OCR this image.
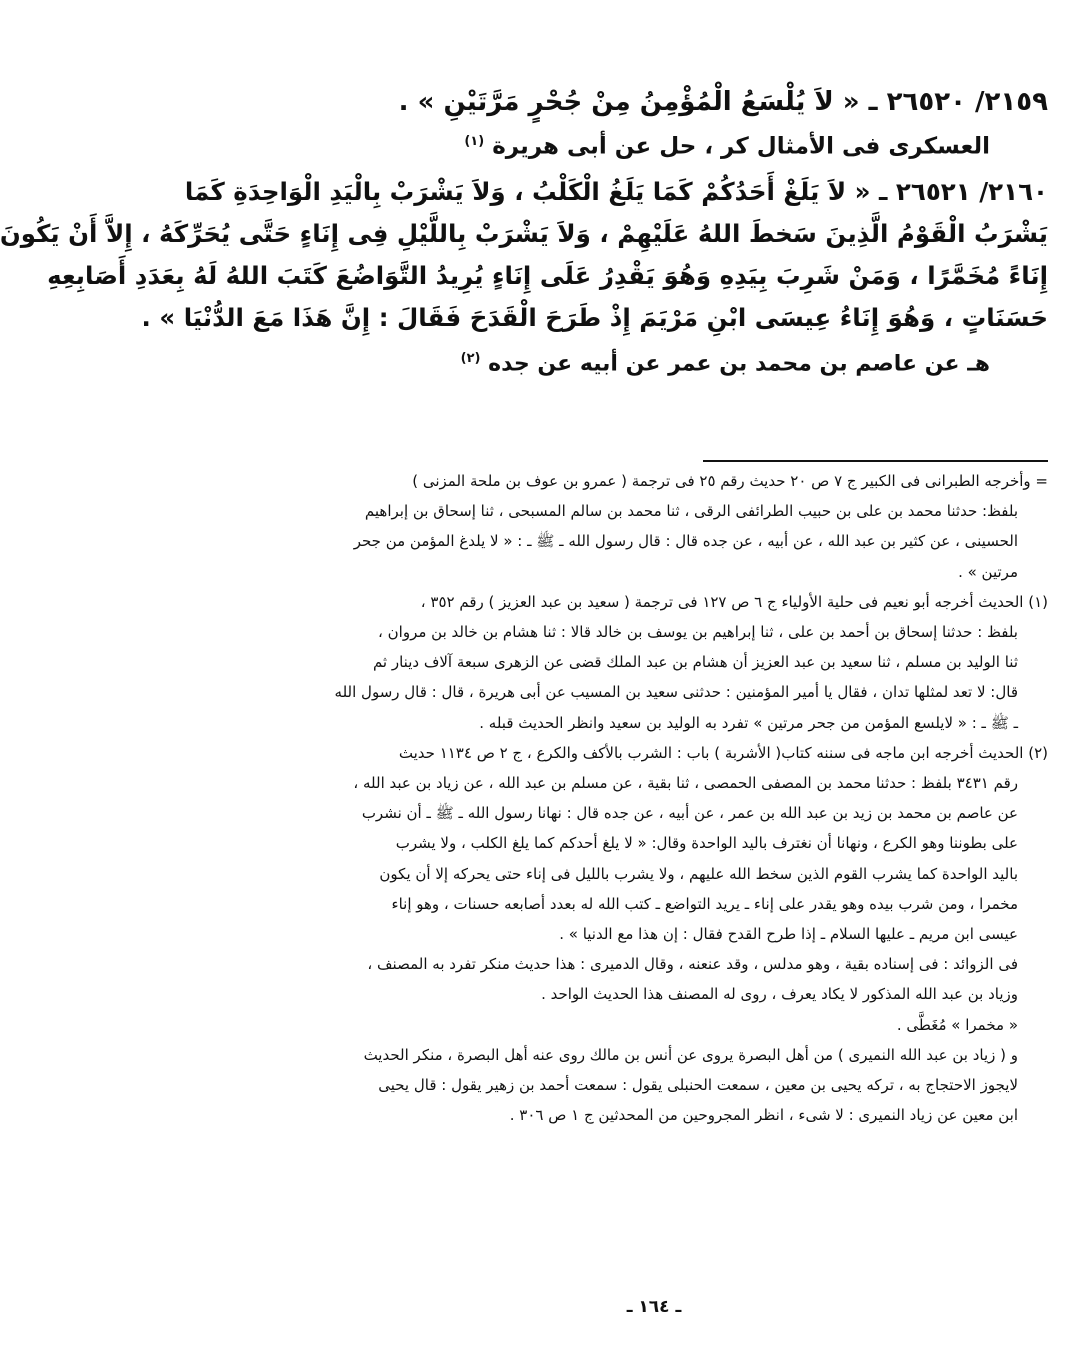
٢١٥٩/ ٢٦٥٢٠ ـ « لاَ يُلْسَعُ الْمُؤْمِنُ مِنْ جُحْرٍ مَرَّتَيْنِ » .

العسكرى فى الأمثال كر ، حل عن أبى هريرة $^{(١)}$

٢١٦٠/ ٢٦٥٢١ ـ « لاَ يَلَغْ أَحَدُكُمْ كَمَا يَلَغُ الْكَلْبُ ، وَلاَ يَشْرَبْ بِالْيَدِ الْوَاحِدَةِ كَمَا

يَشْرَبُ الْقَوْمُ الَّذِينَ سَخطَ اللهُ عَلَيْهِمْ ، وَلاَ يَشْرَبْ بِاللَّيْلِ فِى إِنَاءٍ حَتَّى يُحَرِّكَهُ ، إِلاَّ أَنْ يَكُونَ

إِنَاءً مُخَمَّرًا ، وَمَنْ شَرِبَ بِيَدِهِ وَهُوَ يَقْدِرُ عَلَى إِنَاءٍ يُرِيدُ التَّوَاضُعَ كَتَبَ اللهُ لَهُ بِعَدَدِ أَصَابِعِهِ

حَسَنَاتٍ ، وَهُوَ إِنَاءُ عِيسَى ابْنِ مَرْيَمَ إِذْ طَرَحَ الْقَدَحَ فَقَالَ : إِنَّ هَذَا مَعَ الدُّنْيَا » .

هـ عن عاصم بن محمد بن عمر عن أبيه عن جده $^{(٢)}$

= وأخرجه الطبرانى فى الكبير ج ٧ ص ٢٠ حديث رقم ٢٥ فى ترجمة ( عمرو بن عوف بن ملحة المزنى )

بلفظ: حدثنا محمد بن على بن حبيب الطرائفى الرقى ، ثنا محمد بن سالم المسبحى ، ثنا إسحاق بن إبراهيم

الحسينى ، عن كثير بن عبد الله ، عن أبيه ، عن جده قال : قال رسول الله ـ ﷺ ـ : « لا يلدغ المؤمن من جحر

مرتين » .

(١) الحديث أخرجه أبو نعيم فى حلية الأولياء ج ٦ ص ١٢٧ فى ترجمة ( سعيد بن عبد العزيز ) رقم ٣٥٢ ،

بلفظ : حدثنا إسحاق بن أحمد بن على ، ثنا إبراهيم بن يوسف بن خالد قالا : ثنا هشام بن خالد بن مروان ،

ثنا الوليد بن مسلم ، ثنا سعيد بن عبد العزيز أن هشام بن عبد الملك قضى عن الزهرى سبعة آلاف دينار ثم

قال: لا تعد لمثلها تدان ، فقال يا أمير المؤمنين : حدثنى سعيد بن المسيب عن أبى هريرة ، قال : قال رسول الله

ـ ﷺ ـ : « لايلسع المؤمن من جحر مرتين » تفرد به الوليد بن سعيد وانظر الحديث قبله .

(٢) الحديث أخرجه ابن ماجه فى سننه كتاب( الأشربة ) باب : الشرب بالأكف والكرع ، ج ٢ ص ١١٣٤ حديث

رقم ٣٤٣١ بلفظ : حدثنا محمد بن المصفى الحمصى ، ثنا بقية ، عن مسلم بن عبد الله ، عن زياد بن عبد الله ،

عن عاصم بن محمد بن زيد بن عبد الله بن عمر ، عن أبيه ، عن جده قال : نهانا رسول الله ـ ﷺ ـ أن نشرب

على بطوننا وهو الكرع ، ونهانا أن نغترف باليد الواحدة وقال: « لا يلغ أحدكم كما يلغ الكلب ، ولا يشرب

باليد الواحدة كما يشرب القوم الذين سخط الله عليهم ، ولا يشرب بالليل فى إناء حتى يحركه إلا أن يكون

مخمرا ، ومن شرب بيده وهو يقدر على إناء ـ يريد التواضع ـ كتب الله له بعدد أصابعه حسنات ، وهو إناء

عيسى ابن مريم ـ عليها السلام ـ إذا طرح القدح فقال : إن هذا مع الدنيا » .

فى الزوائد : فى إسناده بقية ، وهو مدلس ، وقد عنعنه ، وقال الدميرى : هذا حديث منكر تفرد به المصنف ،

وزياد بن عبد الله المذكور لا يكاد يعرف ، روى له المصنف هذا الحديث الواحد .

« مخمرا » مُغَطَّى .

و ( زياد بن عبد الله النميرى ) من أهل البصرة يروى عن أنس بن مالك روى عنه أهل البصرة ، منكر الحديث

لايجوز الاحتجاج به ، تركه يحيى بن معين ، سمعت الحنبلى يقول : سمعت أحمد بن زهير يقول : قال يحيى

ابن معين عن زياد النميرى : لا شىء ، انظر المجروحين من المحدثين ج ١ ص ٣٠٦ .

ـ ١٦٤ ـ
